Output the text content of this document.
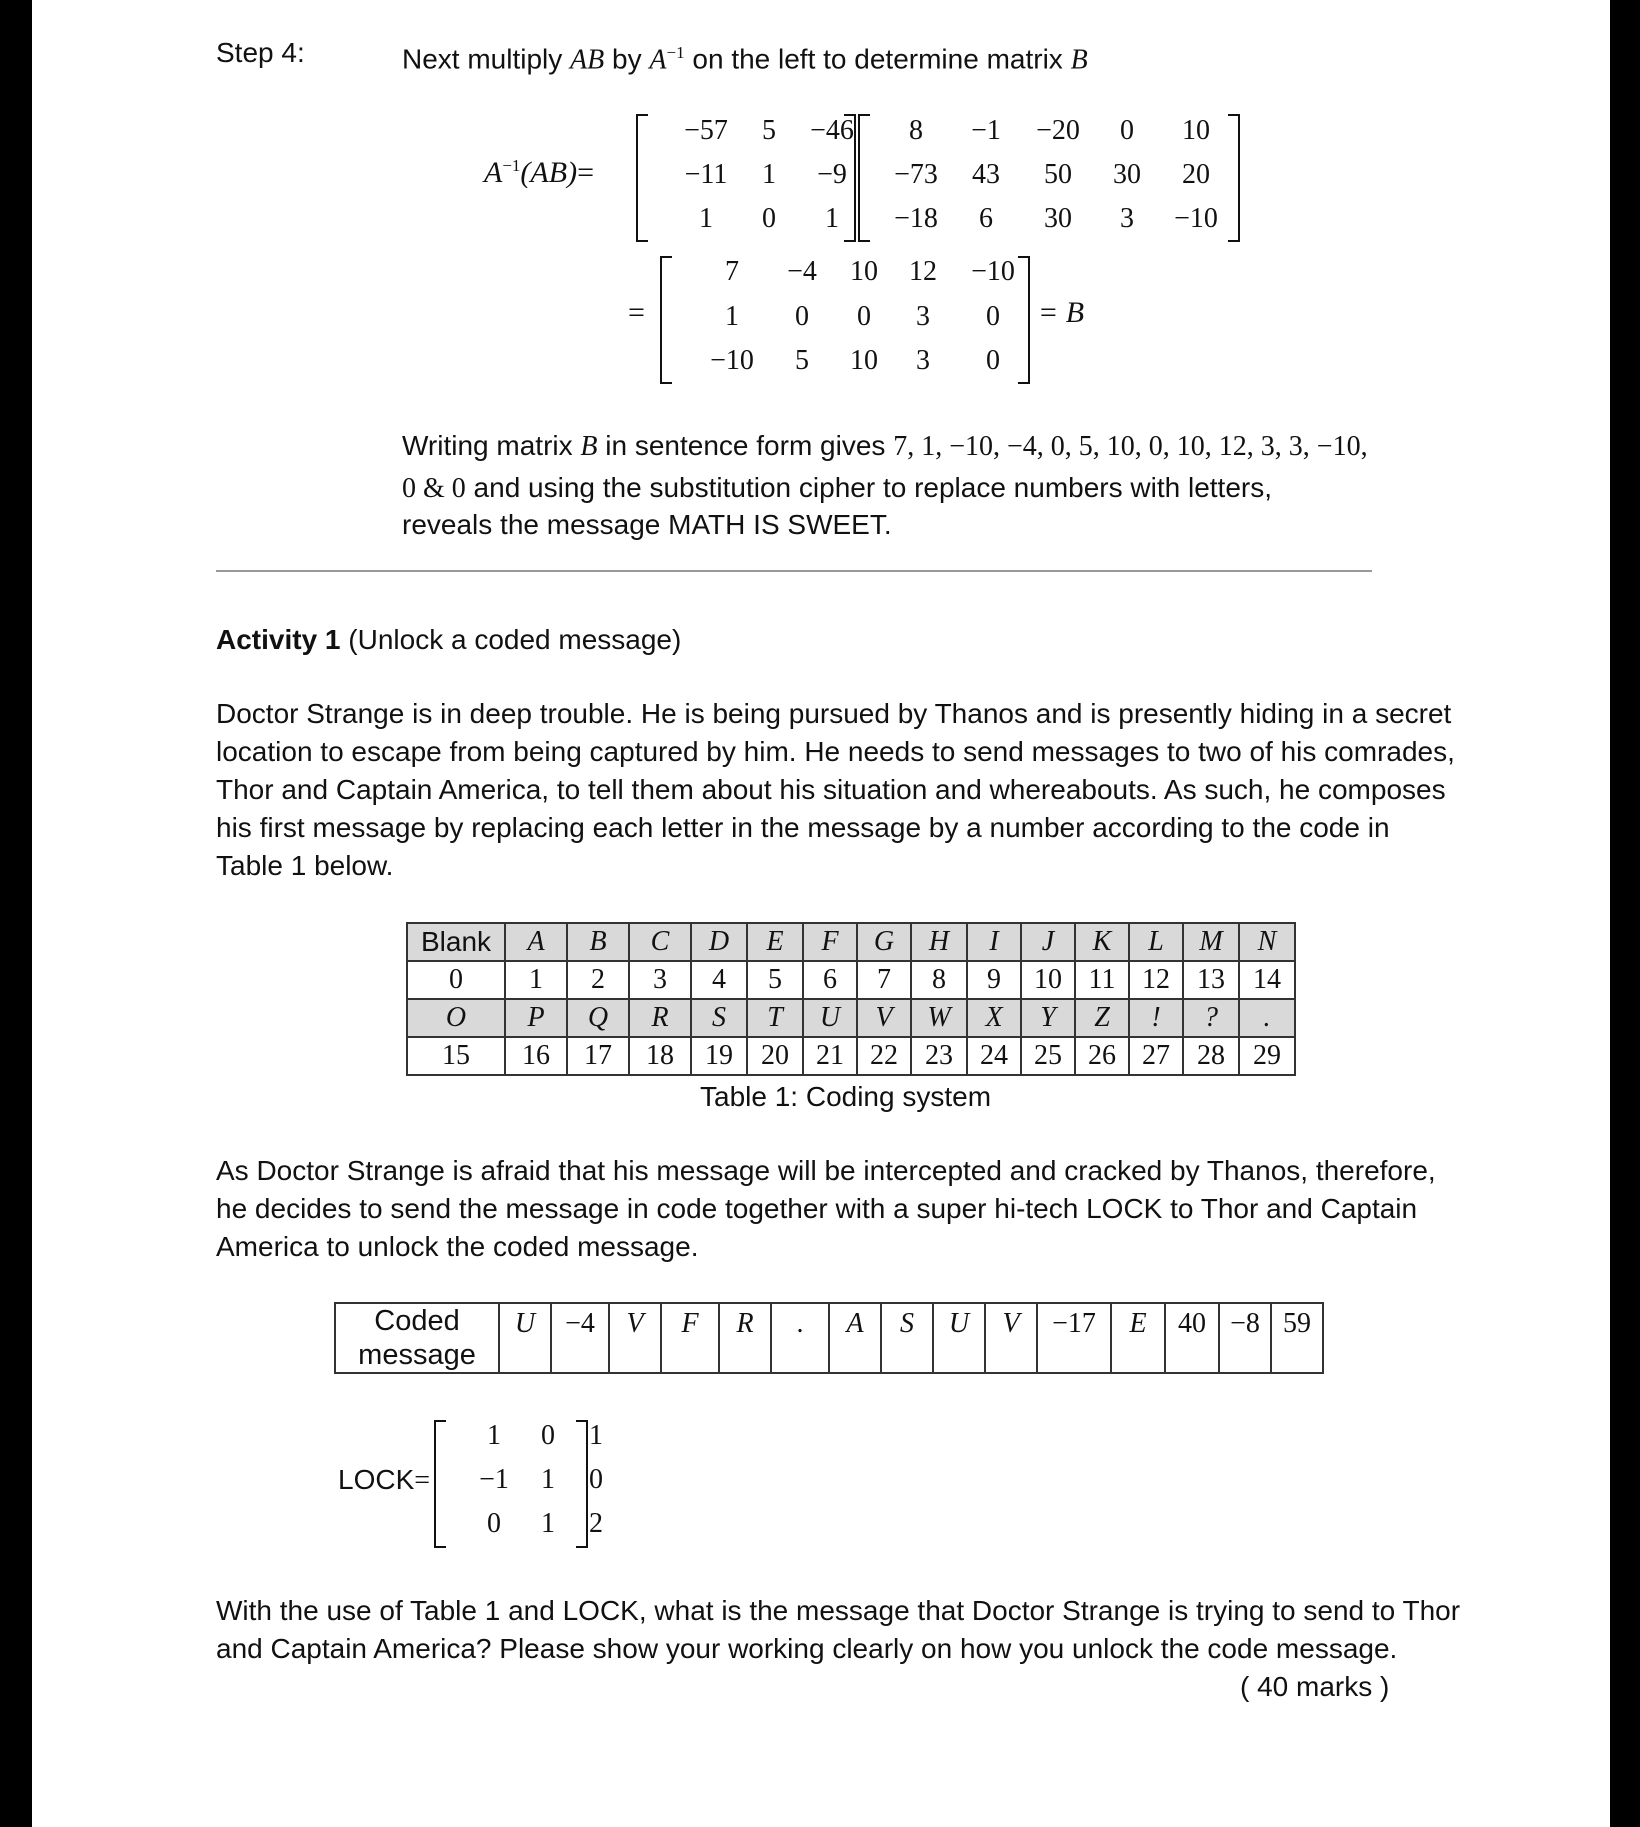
Step 4:	Next multiply AB by $A^{-1}$ on the left to determine matrix B
$A^{-1}(AB)=$
−57	5	−46
−11	1	−9
1	0	1
8	−1	−20	0	10
−73	43	50	30	20
−18	6	30	3	−10
=
7	−4	10	12	−10
1	0	0	3	0
−10	5	10	3	0
= B
Writing matrix B in sentence form gives 7, 1, −10, −4, 0, 5, 10, 0, 10, 12, 3, 3, −10,
0 & 0 and using the substitution cipher to replace numbers with letters,
reveals the message MATH IS SWEET.
Activity 1 (Unlock a coded message)
Doctor Strange is in deep trouble. He is being pursued by Thanos and is presently hiding in a secret
location to escape from being captured by him. He needs to send messages to two of his comrades,
Thor and Captain America, to tell them about his situation and whereabouts. As such, he composes
his first message by replacing each letter in the message by a number according to the code in
Table 1 below.
Blank	A	B	C	D	E	F	G	H	I	J	K	L	M	N
0	1	2	3	4	5	6	7	8	9	10	11	12	13	14
O	P	Q	R	S	T	U	V	W	X	Y	Z	!	?	.
15	16	17	18	19	20	21	22	23	24	25	26	27	28	29
Table 1: Coding system
As Doctor Strange is afraid that his message will be intercepted and cracked by Thanos, therefore,
he decides to send the message in code together with a super hi-tech LOCK to Thor and Captain
America to unlock the coded message.
Coded
message
	U	−4	V	F	R	.	A	S	U	V	−17	E	40	−8	59
LOCK=
1	0	1
−1	1	0
0	1	2
With the use of Table 1 and LOCK, what is the message that Doctor Strange is trying to send to Thor
and Captain America? Please show your working clearly on how you unlock the code message.
( 40 marks )
